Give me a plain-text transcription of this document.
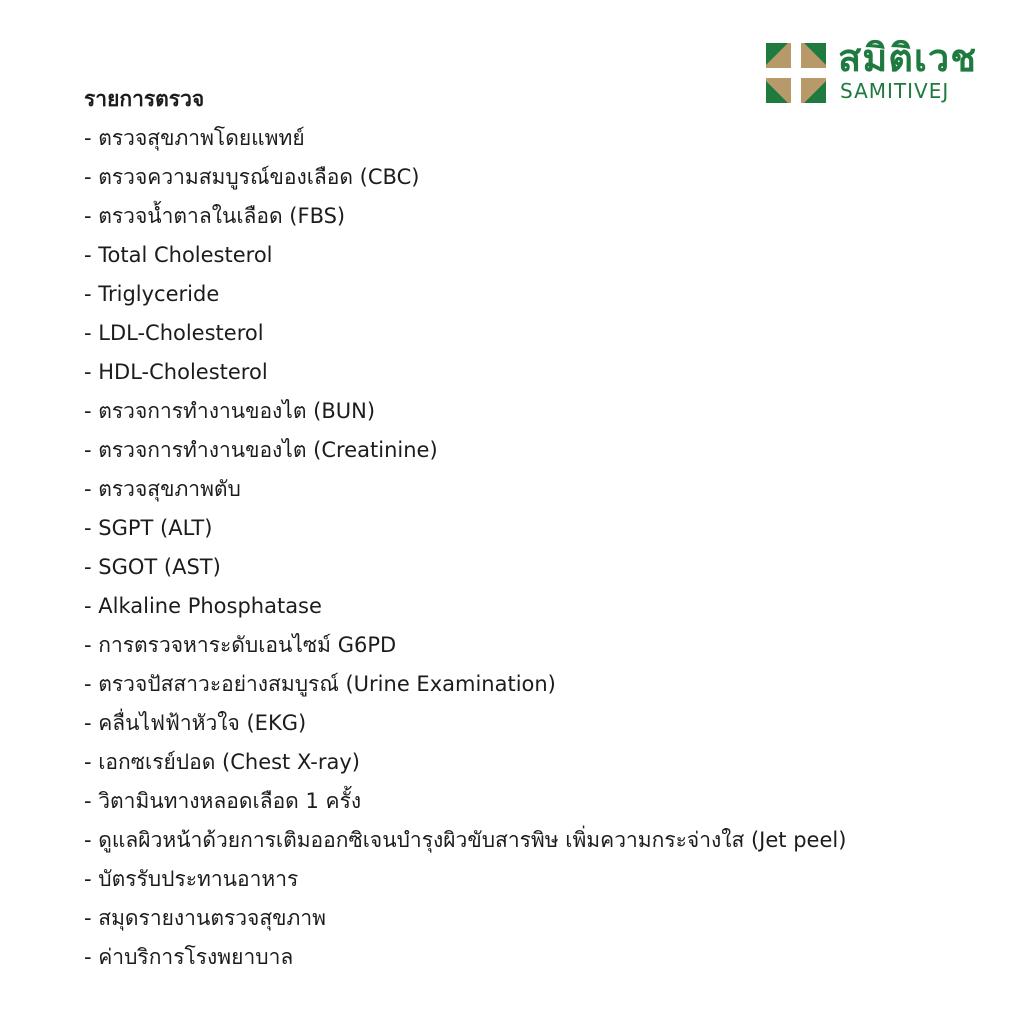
สมิติเวช
SAMITIVEJ
รายการตรวจ
- ตรวจสุขภาพโดยแพทย์
- ตรวจความสมบูรณ์ของเลือด (CBC)
- ตรวจน้ำตาลในเลือด (FBS)
- Total Cholesterol
- Triglyceride
- LDL-Cholesterol
- HDL-Cholesterol
- ตรวจการทำงานของไต (BUN)
- ตรวจการทำงานของไต (Creatinine)
- ตรวจสุขภาพตับ
- SGPT (ALT)
- SGOT (AST)
- Alkaline Phosphatase
- การตรวจหาระดับเอนไซม์ G6PD
- ตรวจปัสสาวะอย่างสมบูรณ์ (Urine Examination)
- คลื่นไฟฟ้าหัวใจ (EKG)
- เอกซเรย์ปอด (Chest X-ray)
- วิตามินทางหลอดเลือด 1 ครั้ง
- ดูแลผิวหน้าด้วยการเติมออกซิเจนบำรุงผิวขับสารพิษ เพิ่มความกระจ่างใส (Jet peel)
- บัตรรับประทานอาหาร
- สมุดรายงานตรวจสุขภาพ
- ค่าบริการโรงพยาบาล
